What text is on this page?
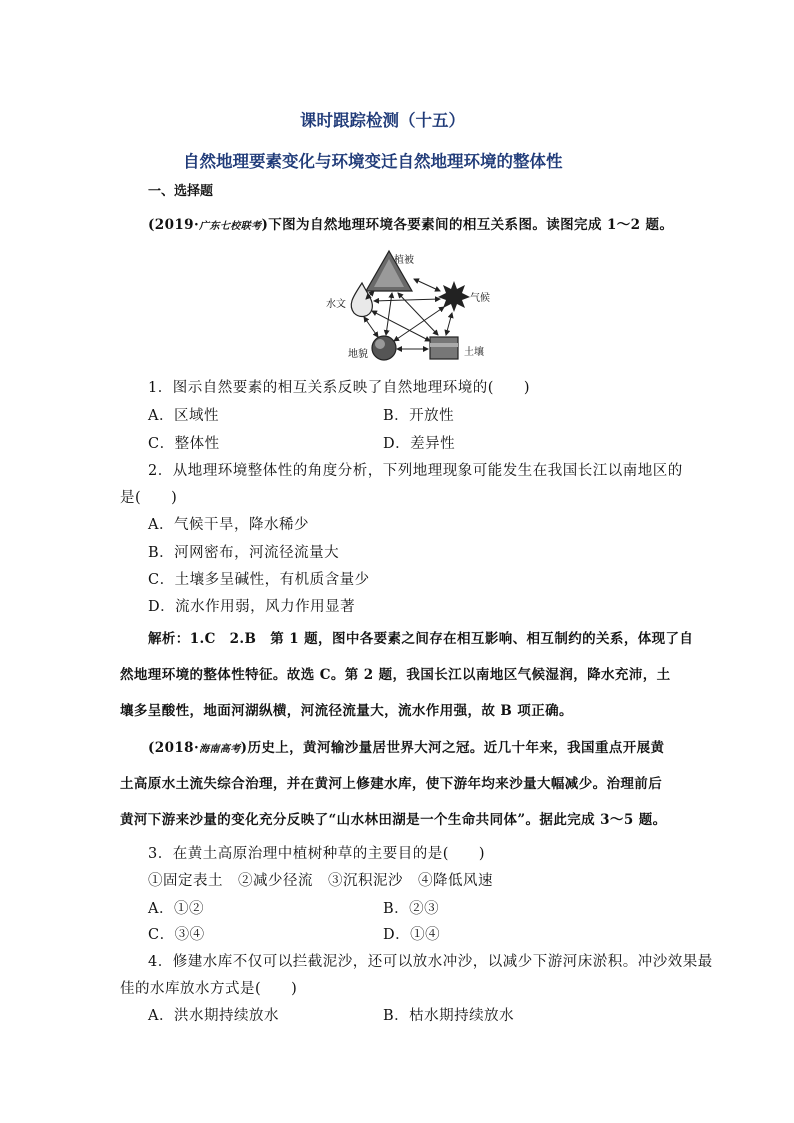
课时跟踪检测（十五）
自然地理要素变化与环境变迁自然地理环境的整体性
一、选择题
(2019·广东七校联考)下图为自然地理环境各要素间的相互关系图。读图完成 1～2 题。
植被
气候
水文
地貌	土壤
1．图示自然要素的相互关系反映了自然地理环境的(　　)
A．区域性	B．开放性
C．整体性	D．差异性
2．从地理环境整体性的角度分析，下列地理现象可能发生在我国长江以南地区的
是(　　)
A．气候干旱，降水稀少
B．河网密布，河流径流量大
C．土壤多呈碱性，有机质含量少
D．流水作用弱，风力作用显著
解析：1.C　2.B　第 1 题，图中各要素之间存在相互影响、相互制约的关系，体现了自
然地理环境的整体性特征。故选 C。第 2 题，我国长江以南地区气候湿润，降水充沛，土
壤多呈酸性，地面河湖纵横，河流径流量大，流水作用强，故 B 项正确。
(2018·海南高考)历史上，黄河输沙量居世界大河之冠。近几十年来，我国重点开展黄
土高原水土流失综合治理，并在黄河上修建水库，使下游年均来沙量大幅减少。治理前后
黄河下游来沙量的变化充分反映了“山水林田湖是一个生命共同体”。据此完成 3～5 题。
3．在黄土高原治理中植树种草的主要目的是(　　)
①固定表土　②减少径流　③沉积泥沙　④降低风速
A．①②	B．②③
C．③④	D．①④
4．修建水库不仅可以拦截泥沙，还可以放水冲沙，以减少下游河床淤积。冲沙效果最
佳的水库放水方式是(　　)
A．洪水期持续放水	B．枯水期持续放水
